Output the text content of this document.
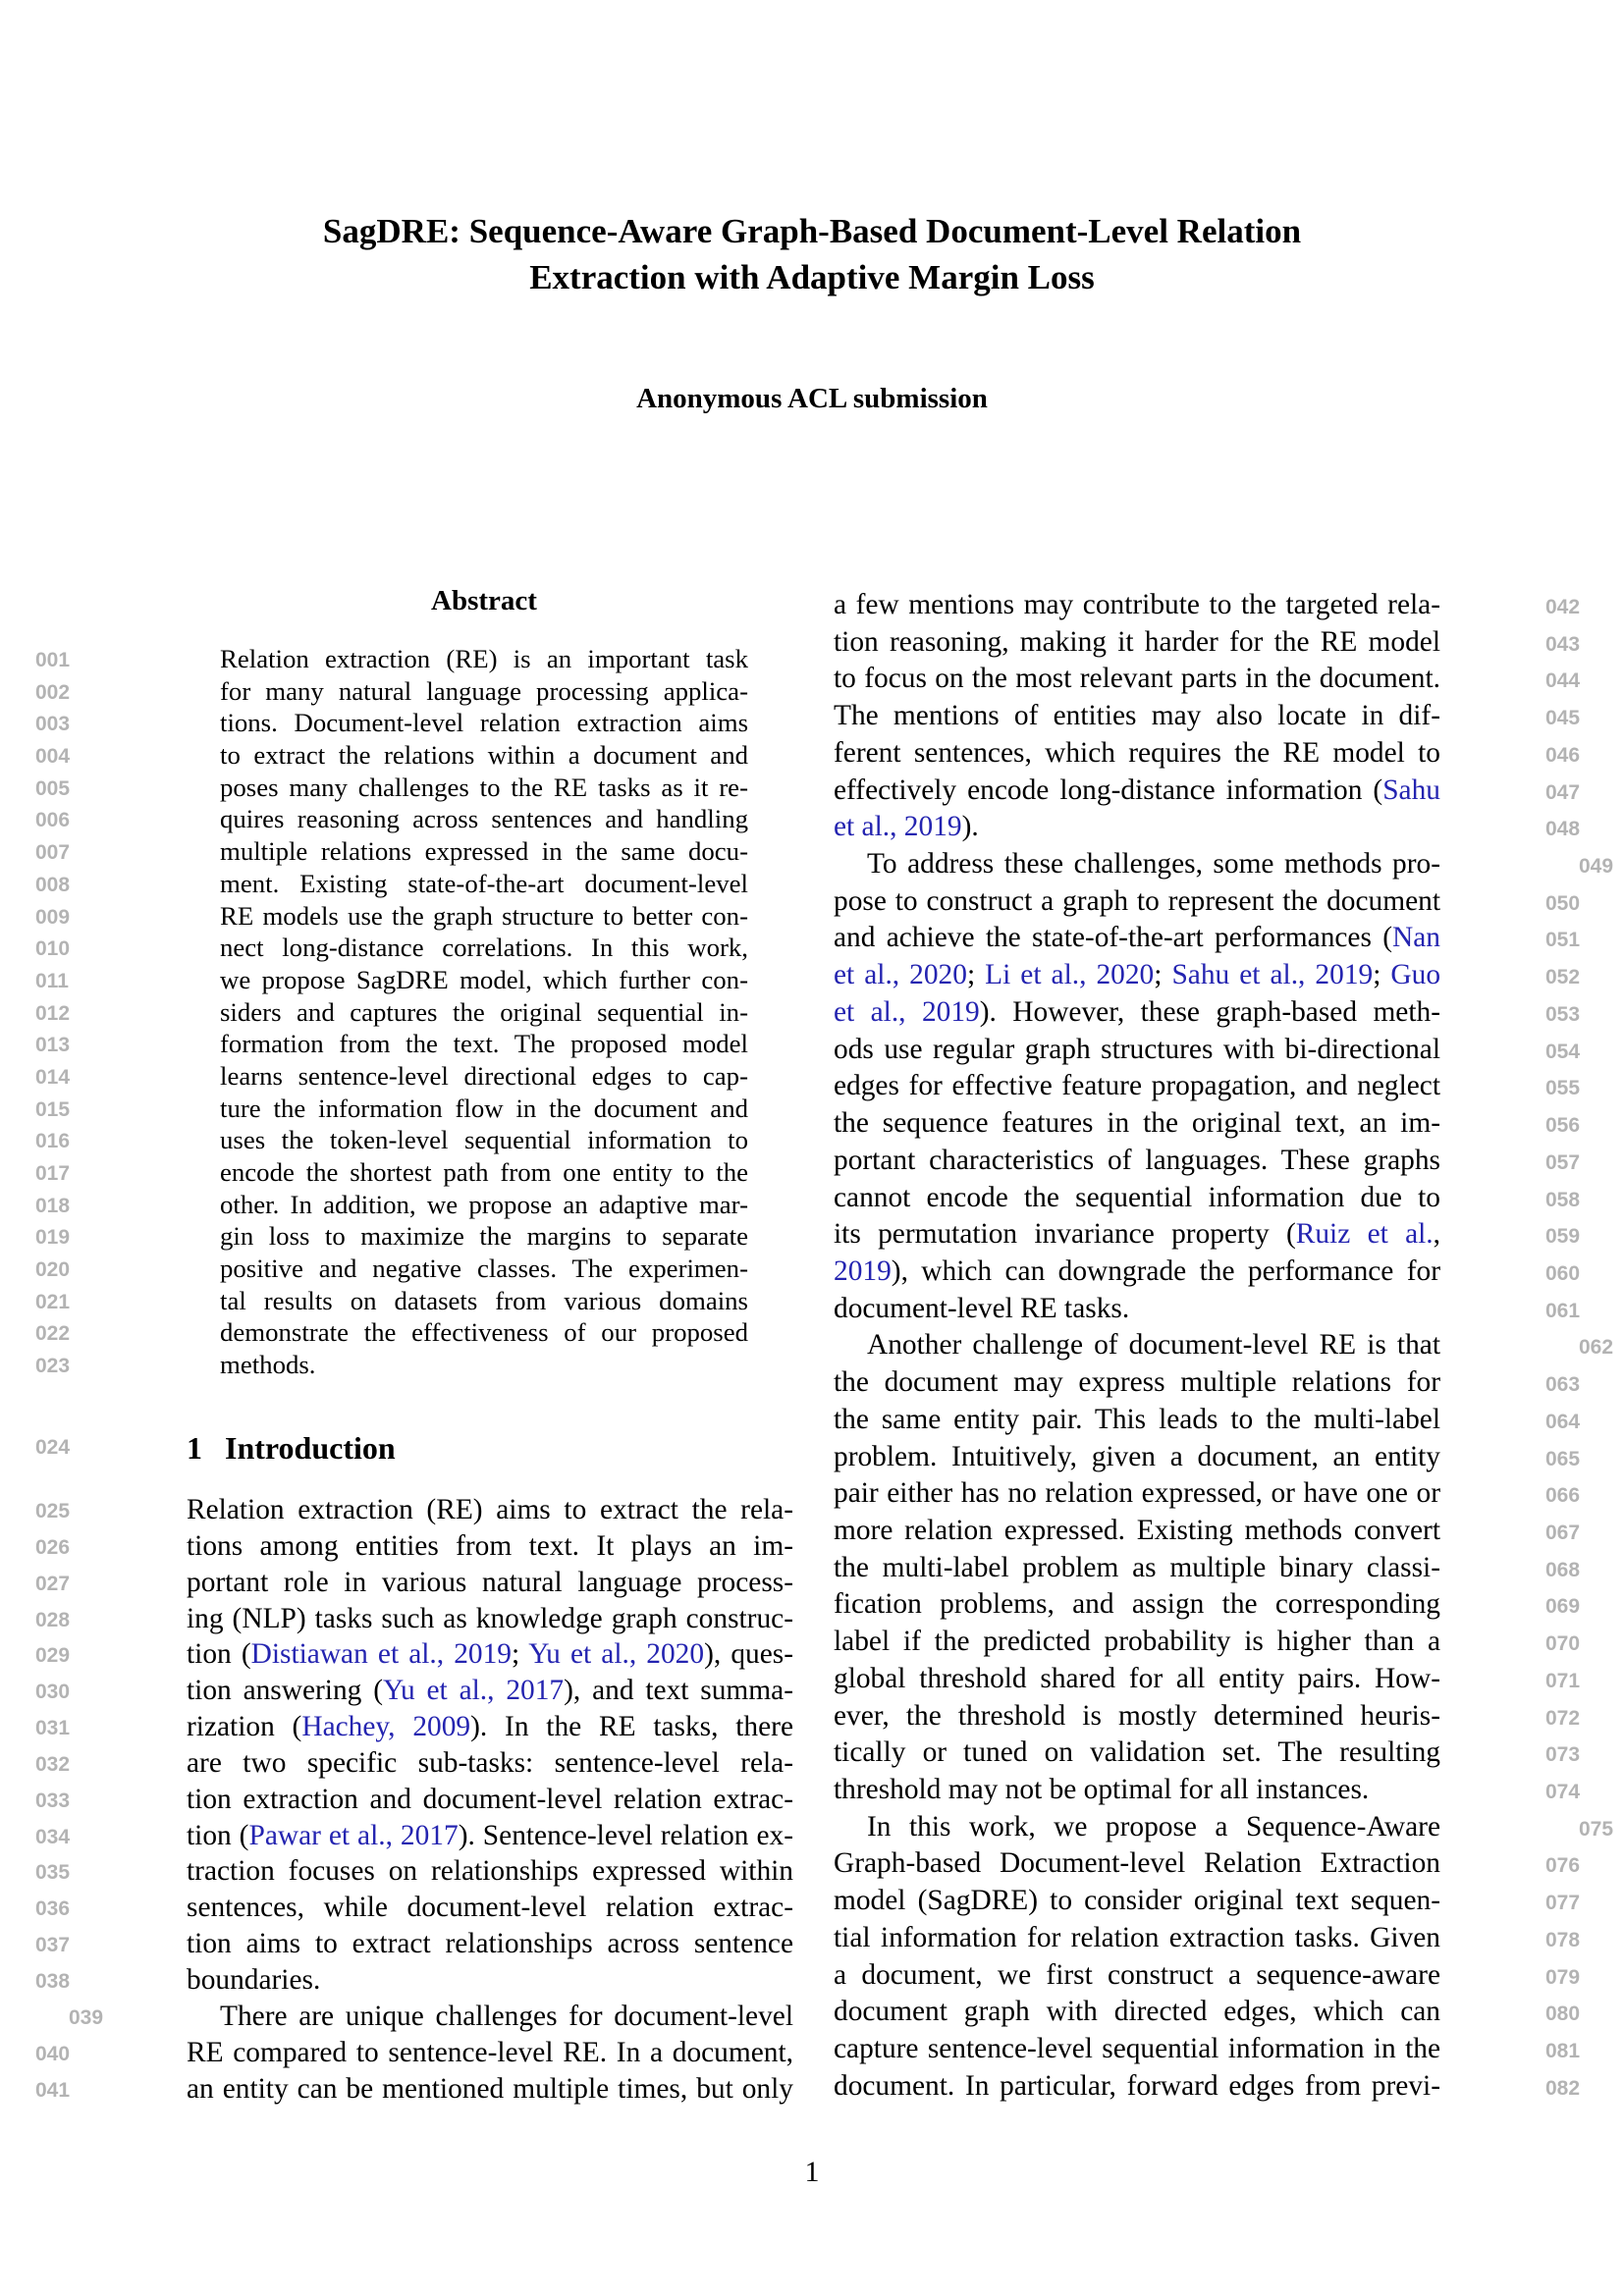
SagDRE: Sequence-Aware Graph-Based Document-Level Relation
Extraction with Adaptive Margin Loss
Anonymous ACL submission
Abstract
001	Relation extraction (RE) is an important task
002	for many natural language processing applica-
003	tions. Document-level relation extraction aims
004	to extract the relations within a document and
005	poses many challenges to the RE tasks as it re-
006	quires reasoning across sentences and handling
007	multiple relations expressed in the same docu-
008	ment. Existing state-of-the-art document-level
009	RE models use the graph structure to better con-
010	nect long-distance correlations. In this work,
011	we propose SagDRE model, which further con-
012	siders and captures the original sequential in-
013	formation from the text. The proposed model
014	learns sentence-level directional edges to cap-
015	ture the information flow in the document and
016	uses the token-level sequential information to
017	encode the shortest path from one entity to the
018	other. In addition, we propose an adaptive mar-
019	gin loss to maximize the margins to separate
020	positive and negative classes. The experimen-
021	tal results on datasets from various domains
022	demonstrate the effectiveness of our proposed
023	methods.
024	1 Introduction
025	Relation extraction (RE) aims to extract the rela-
026	tions among entities from text. It plays an im-
027	portant role in various natural language process-
028	ing (NLP) tasks such as knowledge graph construc-
029	tion (Distiawan et al., 2019; Yu et al., 2020), ques-
030	tion answering (Yu et al., 2017), and text summa-
031	rization (Hachey, 2009). In the RE tasks, there
032	are two specific sub-tasks: sentence-level rela-
033	tion extraction and document-level relation extrac-
034	tion (Pawar et al., 2017). Sentence-level relation ex-
035	traction focuses on relationships expressed within
036	sentences, while document-level relation extrac-
037	tion aims to extract relationships across sentence
038	boundaries.
039	There are unique challenges for document-level
040	RE compared to sentence-level RE. In a document,
041	an entity can be mentioned multiple times, but only
042
a few mentions may contribute to the targeted rela-
043
tion reasoning, making it harder for the RE model
044
to focus on the most relevant parts in the document.
045
The mentions of entities may also locate in dif-
046
ferent sentences, which requires the RE model to
047
effectively encode long-distance information (Sahu
048
et al., 2019).
049
To address these challenges, some methods pro-
050
pose to construct a graph to represent the document
051
and achieve the state-of-the-art performances (Nan
052
et al., 2020; Li et al., 2020; Sahu et al., 2019; Guo
053
et al., 2019). However, these graph-based meth-
054
ods use regular graph structures with bi-directional
055
edges for effective feature propagation, and neglect
056
the sequence features in the original text, an im-
057
portant characteristics of languages. These graphs
058
cannot encode the sequential information due to
059
its permutation invariance property (Ruiz et al.,
060
2019), which can downgrade the performance for
061
document-level RE tasks.
062
Another challenge of document-level RE is that
063
the document may express multiple relations for
064
the same entity pair. This leads to the multi-label
065
problem. Intuitively, given a document, an entity
066
pair either has no relation expressed, or have one or
067
more relation expressed. Existing methods convert
068
the multi-label problem as multiple binary classi-
069
fication problems, and assign the corresponding
070
label if the predicted probability is higher than a
071
global threshold shared for all entity pairs. How-
072
ever, the threshold is mostly determined heuris-
073
tically or tuned on validation set. The resulting
074
threshold may not be optimal for all instances.
075
In this work, we propose a Sequence-Aware
076
Graph-based Document-level Relation Extraction
077
model (SagDRE) to consider original text sequen-
078
tial information for relation extraction tasks. Given
079
a document, we first construct a sequence-aware
080
document graph with directed edges, which can
081
capture sentence-level sequential information in the
082
document. In particular, forward edges from previ-
1
